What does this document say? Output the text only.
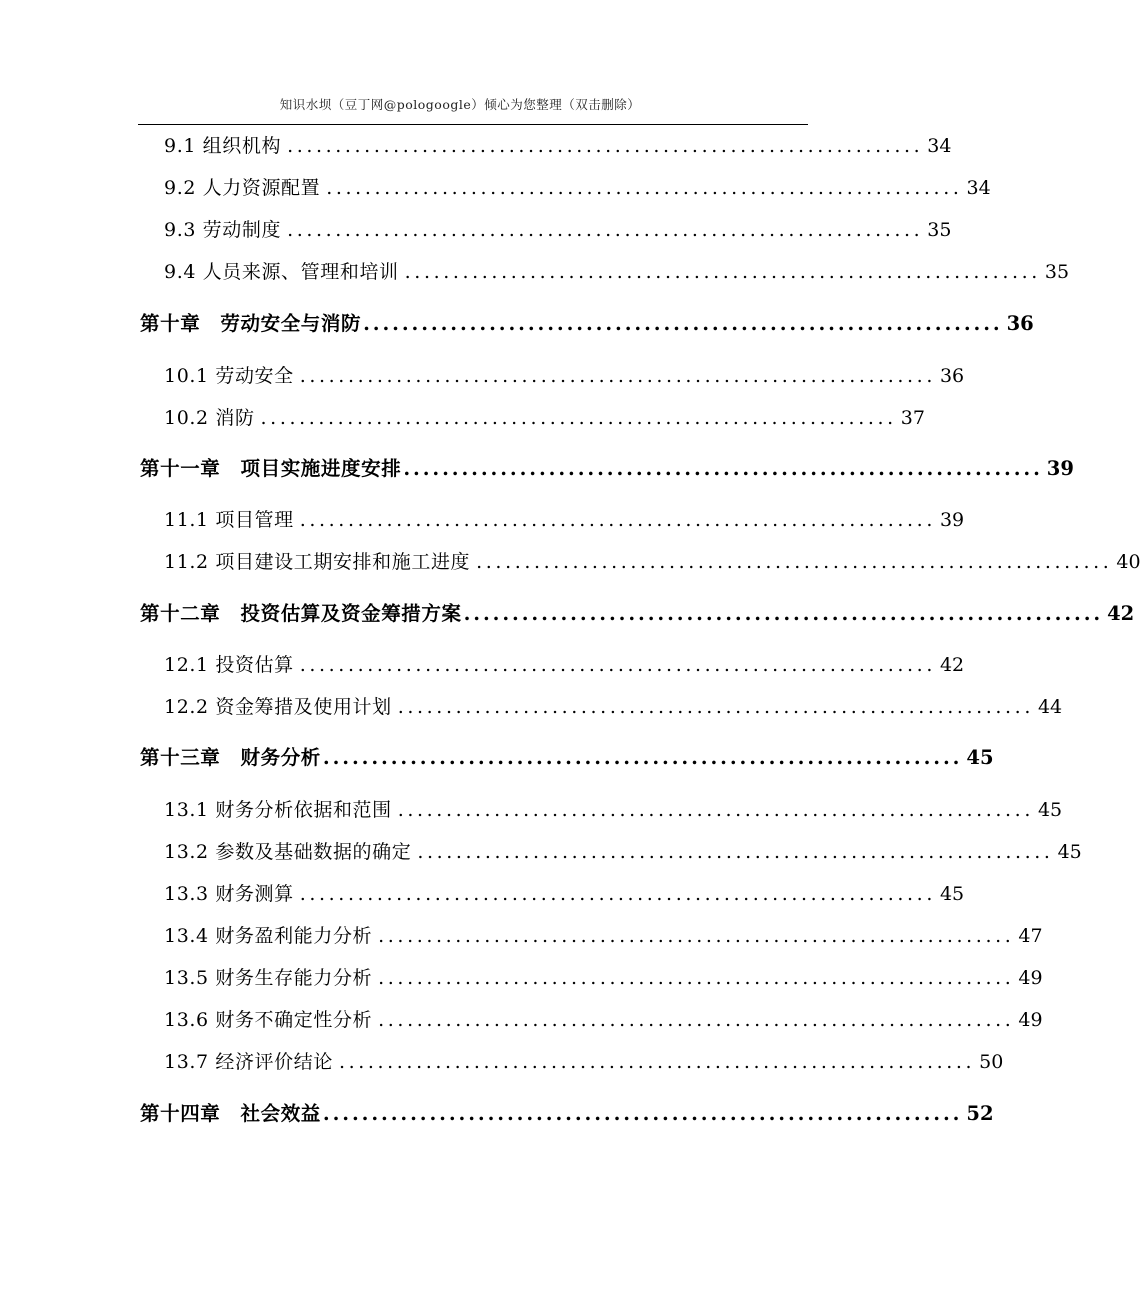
知识水坝（豆丁网@pologoogle）倾心为您整理（双击删除）
9.1 组织机构 .................................................................. 34
9.2 人力资源配置 .................................................................. 34
9.3 劳动制度 .................................................................. 35
9.4 人员来源、管理和培训 .................................................................. 35
第十章　劳动安全与消防 .................................................................. 36
10.1 劳动安全 .................................................................. 36
10.2 消防 .................................................................. 37
第十一章　项目实施进度安排 .................................................................. 39
11.1 项目管理 .................................................................. 39
11.2 项目建设工期安排和施工进度 .................................................................. 40
第十二章　投资估算及资金筹措方案 .................................................................. 42
12.1 投资估算 .................................................................. 42
12.2 资金筹措及使用计划 .................................................................. 44
第十三章　财务分析 .................................................................. 45
13.1 财务分析依据和范围 .................................................................. 45
13.2 参数及基础数据的确定 .................................................................. 45
13.3 财务测算 .................................................................. 45
13.4 财务盈利能力分析 .................................................................. 47
13.5 财务生存能力分析 .................................................................. 49
13.6 财务不确定性分析 .................................................................. 49
13.7 经济评价结论 .................................................................. 50
第十四章　社会效益 .................................................................. 52
